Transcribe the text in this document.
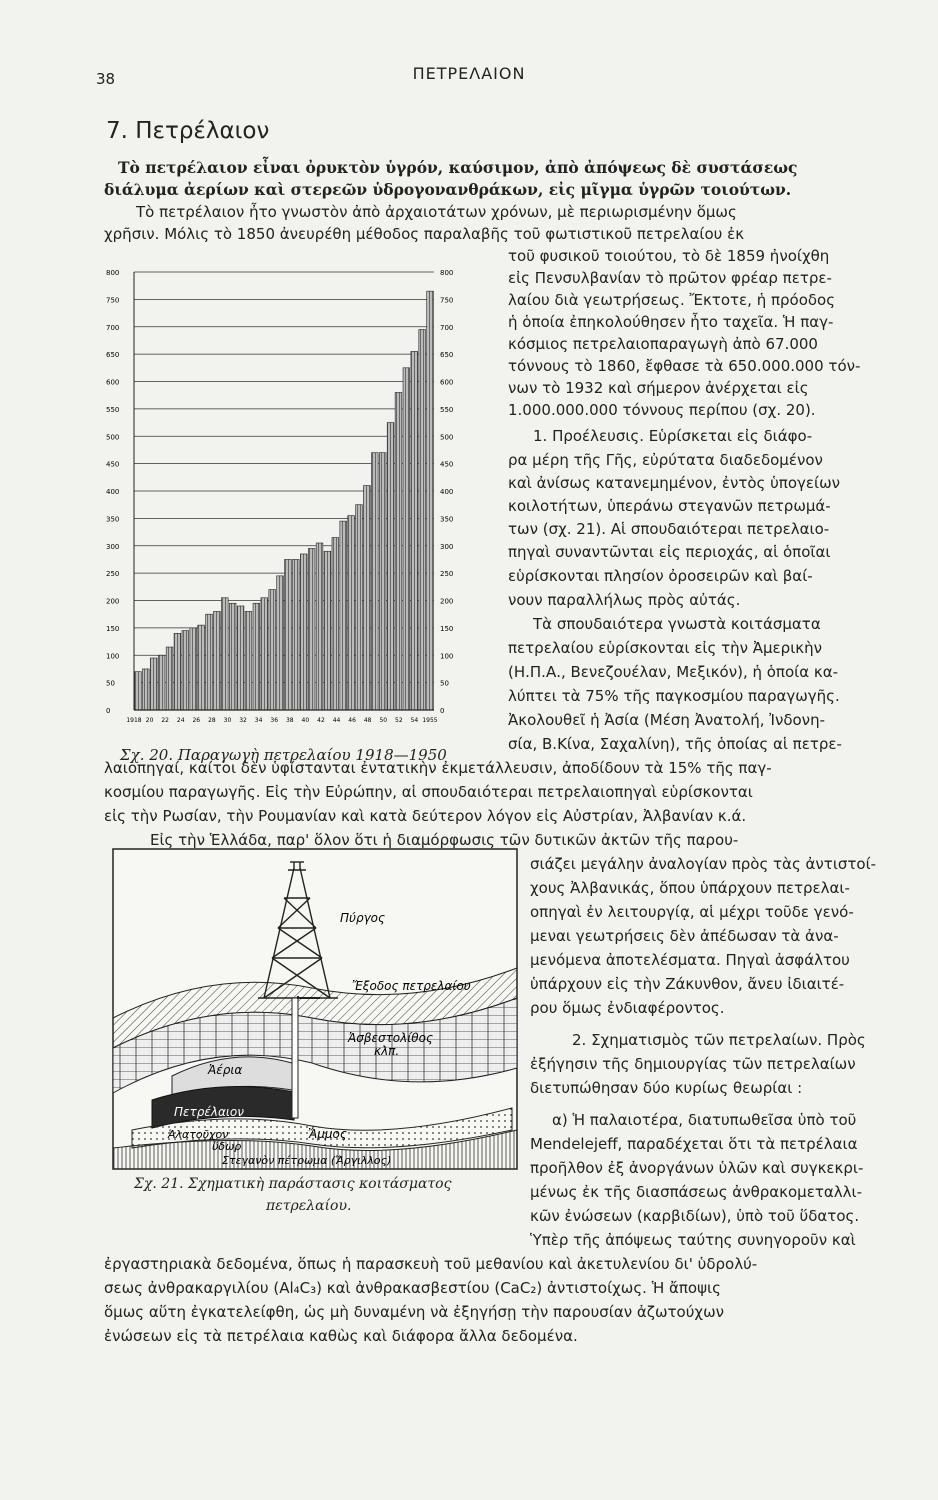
38	ΠΕΤΡΕΛΑΙΟΝ
7. Πετρέλαιον
Τὸ πετρέλαιον εἶναι ὀρυκτὸν ὑγρόν, καύσιμον, ἀπὸ ἀπόψεως δὲ συστάσεως
διάλυμα ἀερίων καὶ στερεῶν ὑδρογονανθράκων, εἰς μῖγμα ὑγρῶν τοιούτων.
Τὸ πετρέλαιον ἦτο γνωστὸν ἀπὸ ἀρχαιοτάτων χρόνων, μὲ περιωρισμένην ὅμως
χρῆσιν. Μόλις τὸ 1850 ἀνευρέθη μέθοδος παραλαβῆς τοῦ φωτιστικοῦ πετρελαίου ἐκ
τοῦ φυσικοῦ τοιούτου, τὸ δὲ 1859 ἠνοίχθη
εἰς Πενσυλβανίαν τὸ πρῶτον φρέαρ πετρε-
λαίου διὰ γεωτρήσεως. Ἔκτοτε, ἡ πρόοδος
ἡ ὁποία ἐπηκολούθησεν ἦτο ταχεῖα. Ἡ παγ-
κόσμιος πετρελαιοπαραγωγὴ ἀπὸ 67.000
τόννους τὸ 1860, ἔφθασε τὰ 650.000.000 τόν-
νων τὸ 1932 καὶ σήμερον ἀνέρχεται εἰς
1.000.000.000 τόννους περίπου (σχ. 20).
1. Προέλευσις. Εὑρίσκεται εἰς διάφο-
ρα μέρη τῆς Γῆς, εὐρύτατα διαδεδομένον
καὶ ἀνίσως κατανεμημένον, ἐντὸς ὑπογείων
κοιλοτήτων, ὑπεράνω στεγανῶν πετρωμά-
των (σχ. 21). Αἱ σπουδαιότεραι πετρελαιο-
πηγαὶ συναντῶνται εἰς περιοχάς, αἱ ὁποῖαι
εὑρίσκονται πλησίον ὀροσειρῶν καὶ βαί-
νουν παραλλήλως πρὸς αὐτάς.
Τὰ σπουδαιότερα γνωστὰ κοιτάσματα
πετρελαίου εὑρίσκονται εἰς τὴν Ἀμερικὴν
(Η.Π.Α., Βενεζουέλαν, Μεξικόν), ἡ ὁποία κα-
λύπτει τὰ 75% τῆς παγκοσμίου παραγωγῆς.
Ἀκολουθεῖ ἡ Ἀσία (Μέση Ἀνατολή, Ἰνδονη-
σία, Β.Κίνα, Σαχαλίνη), τῆς ὁποίας αἱ πετρε-
λαιοπηγαί, καίτοι δὲν ὑφίστανται ἐντατικὴν ἐκμετάλλευσιν, ἀποδίδουν τὰ 15% τῆς παγ-
κοσμίου παραγωγῆς. Εἰς τὴν Εὐρώπην, αἱ σπουδαιότεραι πετρελαιοπηγαὶ εὑρίσκονται
εἰς τὴν Ρωσίαν, τὴν Ρουμανίαν καὶ κατὰ δεύτερον λόγον εἰς Αὐστρίαν, Ἀλβανίαν κ.ά.
Εἰς τὴν Ἑλλάδα, παρ' ὅλον ὅτι ἡ διαμόρφωσις τῶν δυτικῶν ἀκτῶν τῆς παρου-
σιάζει μεγάλην ἀναλογίαν πρὸς τὰς ἀντιστοί-
χους Ἀλβανικάς, ὅπου ὑπάρχουν πετρελαι-
οπηγαὶ ἐν λειτουργίᾳ, αἱ μέχρι τοῦδε γενό-
μεναι γεωτρήσεις δὲν ἀπέδωσαν τὰ ἀνα-
μενόμενα ἀποτελέσματα. Πηγαὶ ἀσφάλτου
ὑπάρχουν εἰς τὴν Ζάκυνθον, ἄνευ ἰδιαιτέ-
ρου ὅμως ἐνδιαφέροντος.
2. Σχηματισμὸς τῶν πετρελαίων. Πρὸς
ἐξήγησιν τῆς δημιουργίας τῶν πετρελαίων
διετυπώθησαν δύο κυρίως θεωρίαι :
α) Ἡ παλαιοτέρα, διατυπωθεῖσα ὑπὸ τοῦ
Mendelejeff, παραδέχεται ὅτι τὰ πετρέλαια
προῆλθον ἐξ ἀνοργάνων ὑλῶν καὶ συγκεκρι-
μένως ἐκ τῆς διασπάσεως ἀνθρακομεταλλι-
κῶν ἐνώσεων (καρβιδίων), ὑπὸ τοῦ ὕδατος.
Ὑπὲρ τῆς ἀπόψεως ταύτης συνηγοροῦν καὶ
ἐργαστηριακὰ δεδομένα, ὅπως ἡ παρασκευὴ τοῦ μεθανίου καὶ ἀκετυλενίου δι' ὑδρολύ-
σεως ἀνθρακαργιλίου (Al₄C₃) καὶ ἀνθρακασβεστίου (CaC₂) ἀντιστοίχως. Ἡ ἄποψις
ὅμως αὕτη ἐγκατελείφθη, ὡς μὴ δυναμένη νὰ ἐξηγήσῃ τὴν παρουσίαν ἀζωτούχων
ἐνώσεων εἰς τὰ πετρέλαια καθὼς καὶ διάφορα ἄλλα δεδομένα.
800	800
750	750
700	700
650	650
600	600
550	550
500	500
450	450
400	400
350	350
300	300
250	250
200	200
150	150
100	100
50	50
0	0
1918 20 22 24 26 28 30 32 34 36 38 40 42 44 46 48 50 52 54 1955
Πύργος
Ἔξοδος πετρελαίου
Ἀσβεστολίθος
κλπ.
Ἀέρια
Πετρέλαιον
Ἁλατοῦχον
ὕδωρ
Ἄμμος
Στεγανὸν πέτρωμα (Ἄργιλλος)
Σχ. 20. Παραγωγὴ πετρελαίου 1918—1950
Σχ. 21. Σχηματικὴ παράστασις κοιτάσματος
πετρελαίου.
